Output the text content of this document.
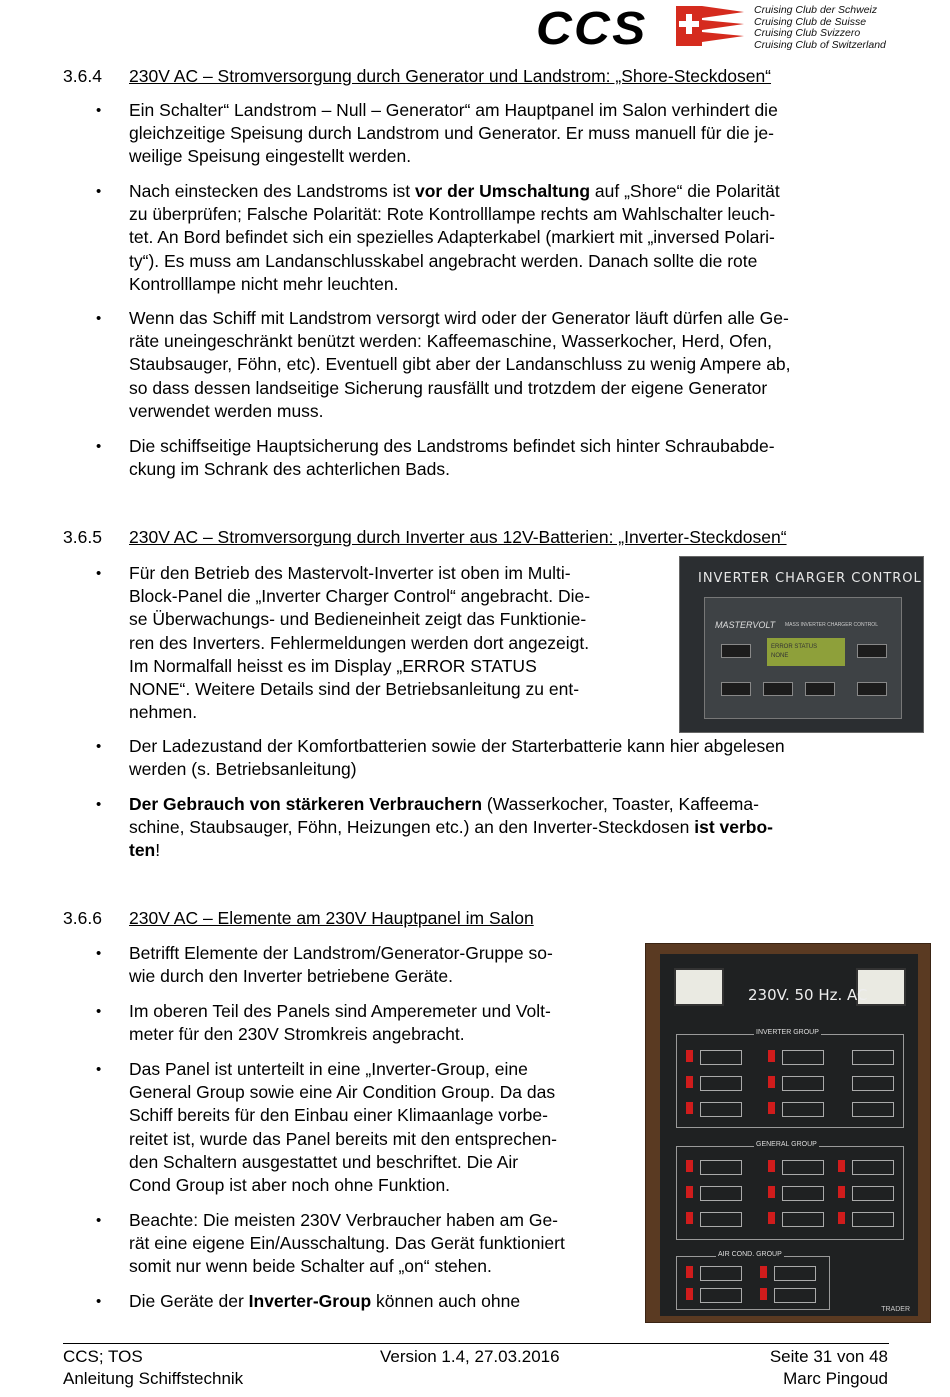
CCS	Cruising Club der Schweiz
Cruising Club de Suisse
Cruising Club Svizzero
Cruising Club of Switzerland
3.6.4 230V AC – Stromversorgung durch Generator und Landstrom: „Shore-Steckdosen“
• Ein Schalter“ Landstrom – Null – Generator“ am Hauptpanel im Salon verhindert die
gleichzeitige Speisung durch Landstrom und Generator. Er muss manuell für die je-
weilige Speisung eingestellt werden.
• Nach einstecken des Landstroms ist vor der Umschaltung auf „Shore“ die Polarität
zu überprüfen; Falsche Polarität: Rote Kontrolllampe rechts am Wahlschalter leuch-
tet. An Bord befindet sich ein spezielles Adapterkabel (markiert mit „inversed Polari-
ty“). Es muss am Landanschlusskabel angebracht werden. Danach sollte die rote
Kontrolllampe nicht mehr leuchten.
• Wenn das Schiff mit Landstrom versorgt wird oder der Generator läuft dürfen alle Ge-
räte uneingeschränkt benützt werden: Kaffeemaschine, Wasserkocher, Herd, Ofen,
Staubsauger, Föhn, etc). Eventuell gibt aber der Landanschluss zu wenig Ampere ab,
so dass dessen landseitige Sicherung rausfällt und trotzdem der eigene Generator
verwendet werden muss.
• Die schiffseitige Hauptsicherung des Landstroms befindet sich hinter Schraubabde-
ckung im Schrank des achterlichen Bads.
3.6.5 230V AC – Stromversorgung durch Inverter aus 12V-Batterien: „Inverter-Steckdosen“
• Für den Betrieb des Mastervolt-Inverter ist oben im Multi-
Block-Panel die „Inverter Charger Control“ angebracht. Die-
se Überwachungs- und Bedieneinheit zeigt das Funktionie-
ren des Inverters. Fehlermeldungen werden dort angezeigt.
Im Normalfall heisst es im Display „ERROR STATUS
NONE“. Weitere Details sind der Betriebsanleitung zu ent-
nehmen.
INVERTER CHARGER CONTROL
MASTERVOLT MASS INVERTER CHARGER CONTROL
ERROR STATUS
NONE
• Der Ladezustand der Komfortbatterien sowie der Starterbatterie kann hier abgelesen
werden (s. Betriebsanleitung)
• Der Gebrauch von stärkeren Verbrauchern (Wasserkocher, Toaster, Kaffeema-
schine, Staubsauger, Föhn, Heizungen etc.) an den Inverter-Steckdosen ist verbo-
ten!
3.6.6 230V AC – Elemente am 230V Hauptpanel im Salon
• Betrifft Elemente der Landstrom/Generator-Gruppe so-
wie durch den Inverter betriebene Geräte.
• Im oberen Teil des Panels sind Amperemeter und Volt-
meter für den 230V Stromkreis angebracht.
• Das Panel ist unterteilt in eine „Inverter-Group, eine
General Group sowie eine Air Condition Group. Da das
Schiff bereits für den Einbau einer Klimaanlage vorbe-
reitet ist, wurde das Panel bereits mit den entsprechen-
den Schaltern ausgestattet und beschriftet. Die Air
Cond Group ist aber noch ohne Funktion.
• Beachte: Die meisten 230V Verbraucher haben am Ge-
rät eine eigene Ein/Ausschaltung. Das Gerät funktioniert
somit nur wenn beide Schalter auf „on“ stehen.
• Die Geräte der Inverter-Group können auch ohne
230V. 50 Hz. AC
INVERTER GROUP
GENERAL GROUP
AIR COND. GROUP
TRADER
CCS; TOS
Anleitung Schiffstechnik
Version 1.4, 27.03.2016	Seite 31 von 48
Marc Pingoud
